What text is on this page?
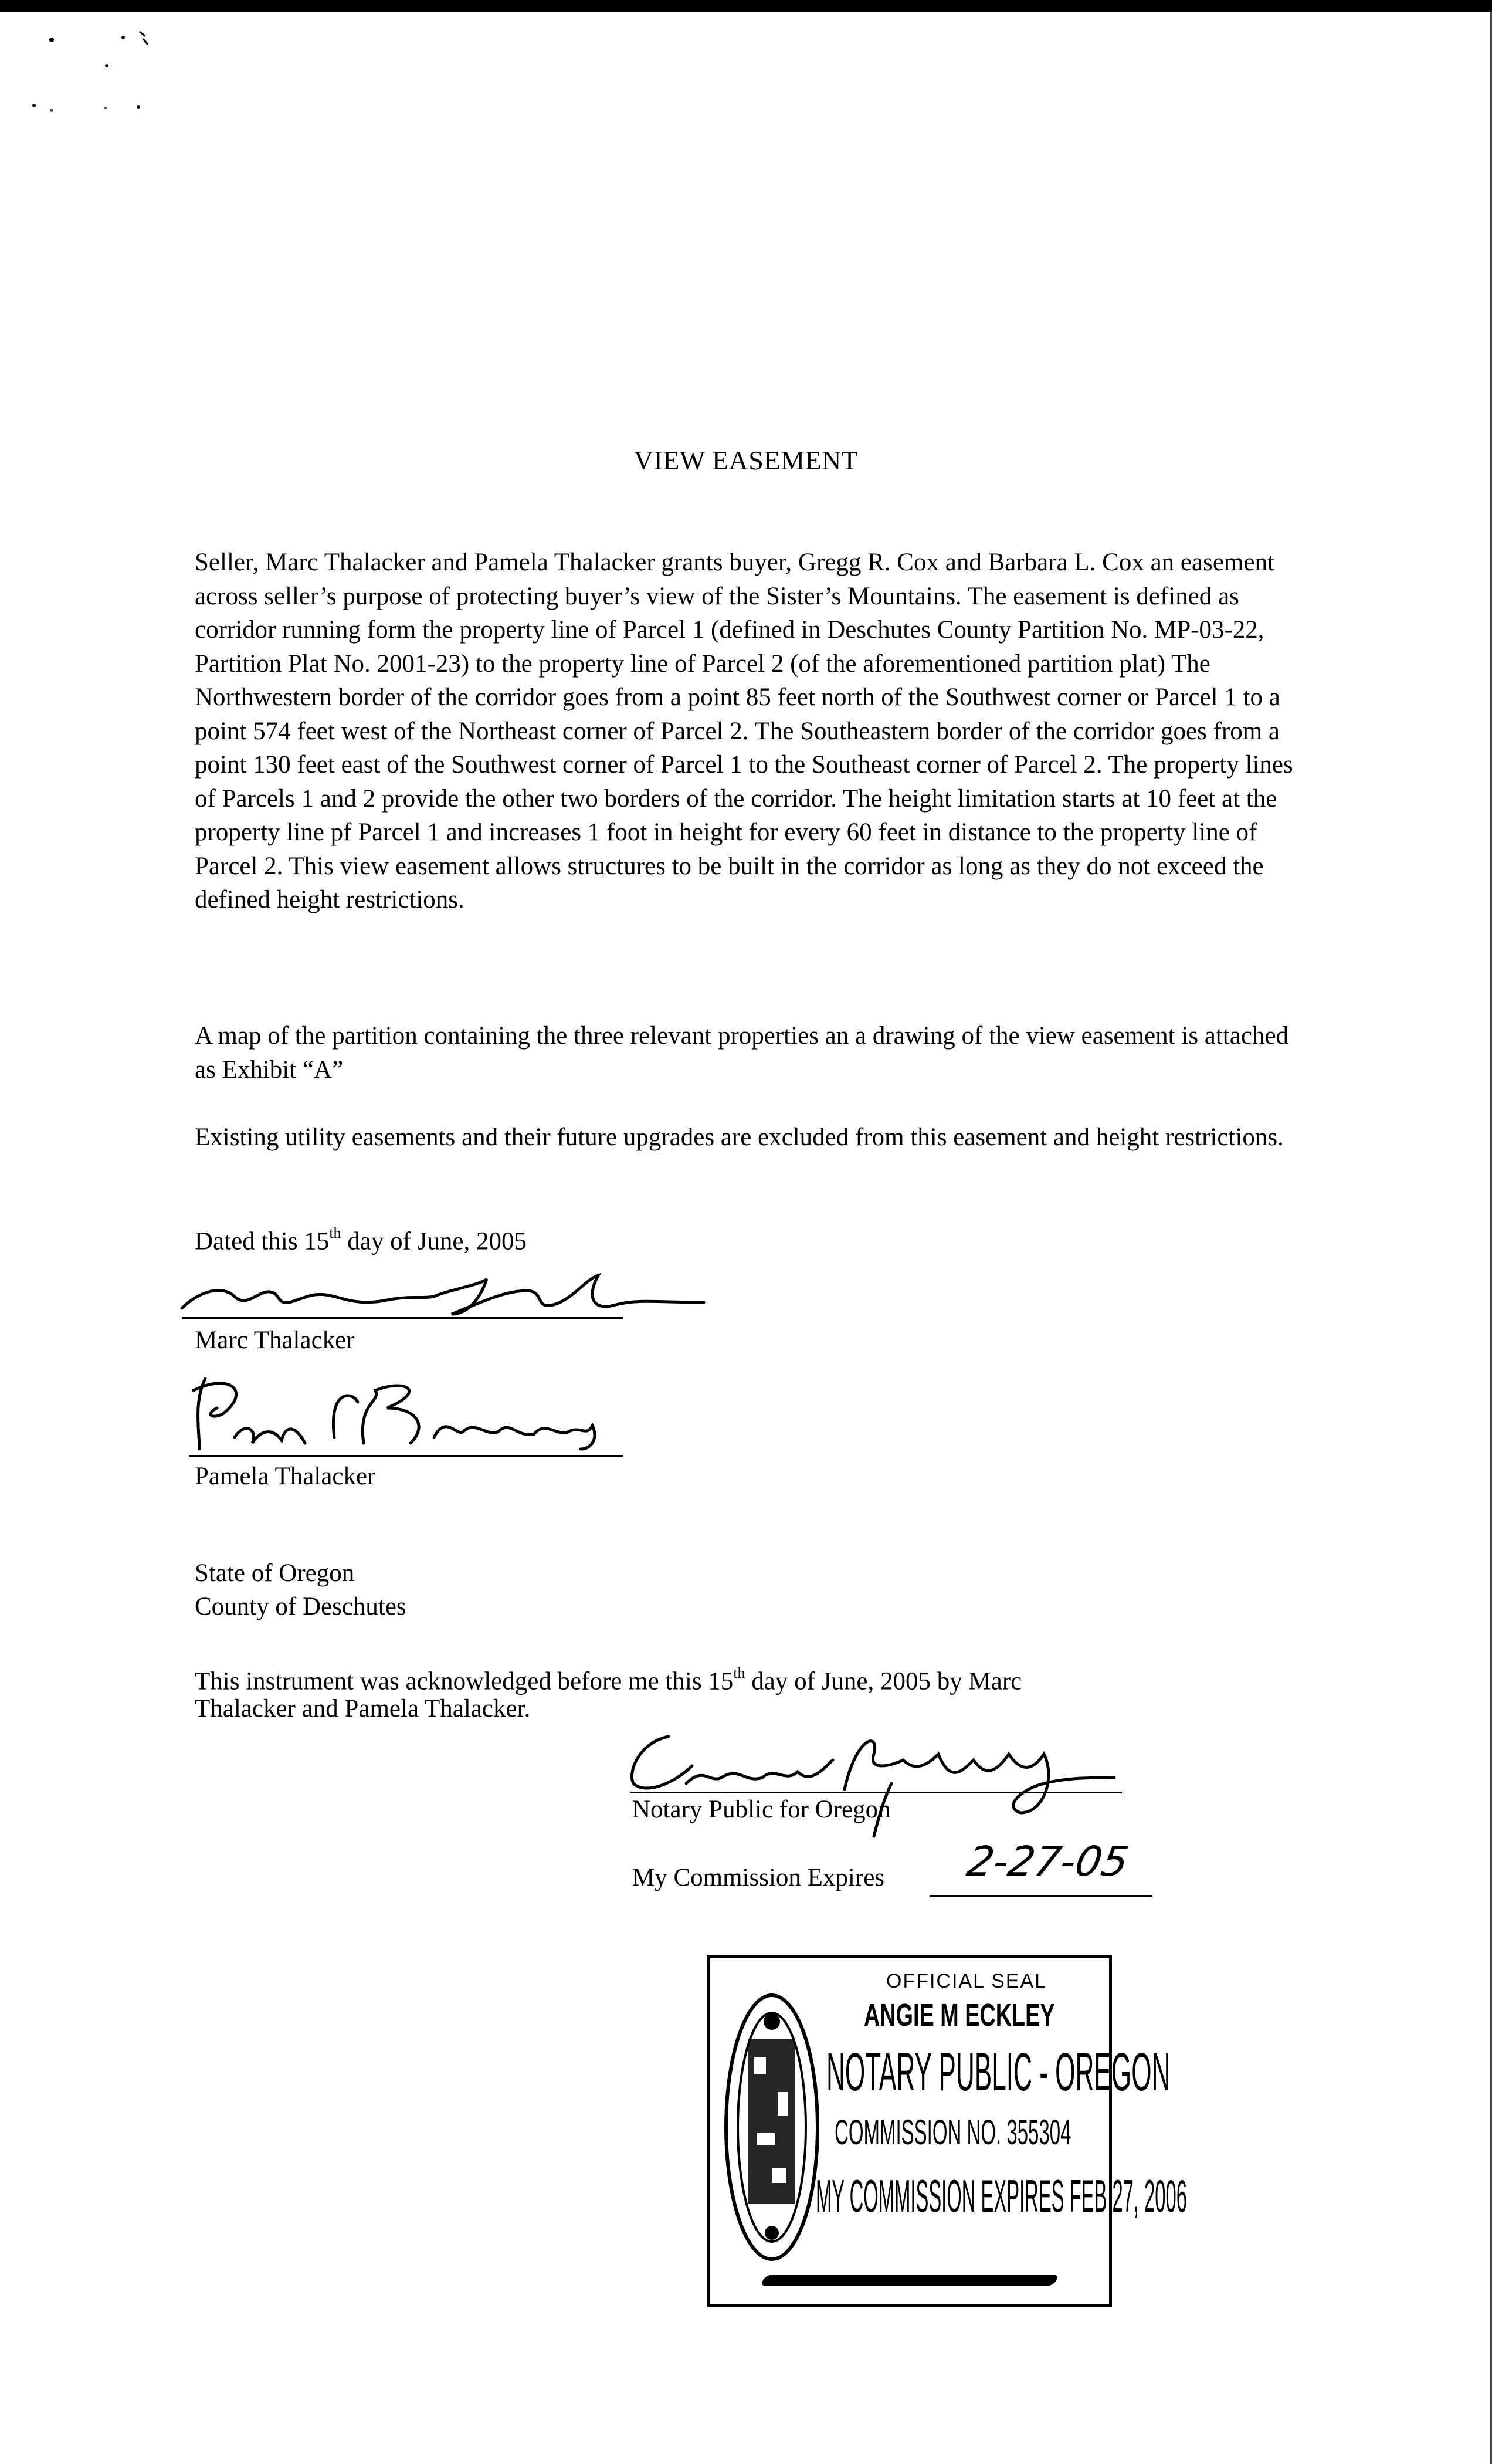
VIEW EASEMENT

Seller, Marc Thalacker and Pamela Thalacker grants buyer, Gregg R. Cox and Barbara L. Cox an easement across seller’s purpose of protecting buyer’s view of the Sister’s Mountains. The easement is defined as corridor running form the property line of Parcel 1 (defined in Deschutes County Partition No. MP-03-22, Partition Plat No. 2001-23) to the property line of Parcel 2 (of the aforementioned partition plat) The Northwestern border of the corridor goes from a point 85 feet north of the Southwest corner or Parcel 1 to a point 574 feet west of the Northeast corner of Parcel 2. The Southeastern border of the corridor goes from a point 130 feet east of the Southwest corner of Parcel 1 to the Southeast corner of Parcel 2. The property lines of Parcels 1 and 2 provide the other two borders of the corridor. The height limitation starts at 10 feet at the property line pf Parcel 1 and increases 1 foot in height for every 60 feet in distance to the property line of Parcel 2. This view easement allows structures to be built in the corridor as long as they do not exceed the defined height restrictions.

A map of the partition containing the three relevant properties an a drawing of the view easement is attached as Exhibit “A”

Existing utility easements and their future upgrades are excluded from this easement and height restrictions.

Dated this 15th day of June, 2005
Marc Thalacker
Pamela Thalacker
State of Oregon
County of Deschutes
This instrument was acknowledged before me this 15th day of June, 2005 by Marc
Thalacker and Pamela Thalacker.
Notary Public for Oregon
My Commission Expires 2-27-05
OFFICIAL SEAL
ANGIE M ECKLEY
NOTARY PUBLIC - OREGON
COMMISSION NO. 355304
MY COMMISSION EXPIRES FEB 27, 2006
